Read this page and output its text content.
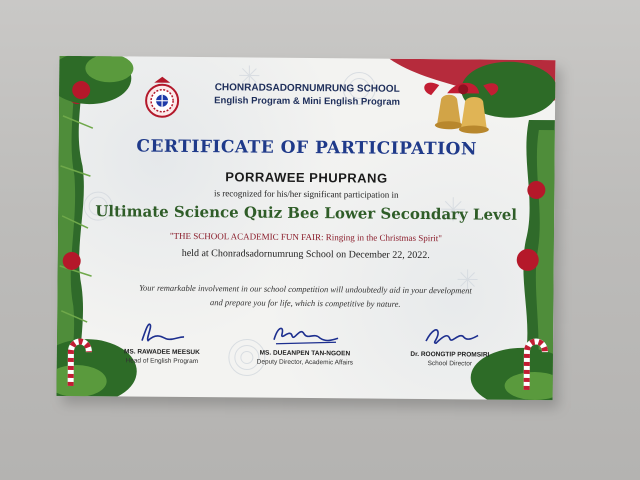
CHONRADSADORNUMRUNG SCHOOL
English Program & Mini English Program
CERTIFICATE OF PARTICIPATION
PORRAWEE PHUPRANG
is recognized for his/her significant participation in
Ultimate Science Quiz Bee Lower Secondary Level
"THE SCHOOL ACADEMIC FUN FAIR: Ringing in the Christmas Spirit"
held at Chonradsadornumrung School on December 22, 2022.
Your remarkable involvement in our school competition will undoubtedly aid in your development
and prepare you for life, which is competitive by nature.
MS. RAWADEE MEESUK
Head of English Program
MS. DUEANPEN TAN-NGOEN
Deputy Director, Academic Affairs
Dr. ROONGTIP PROMSIRI
School Director
